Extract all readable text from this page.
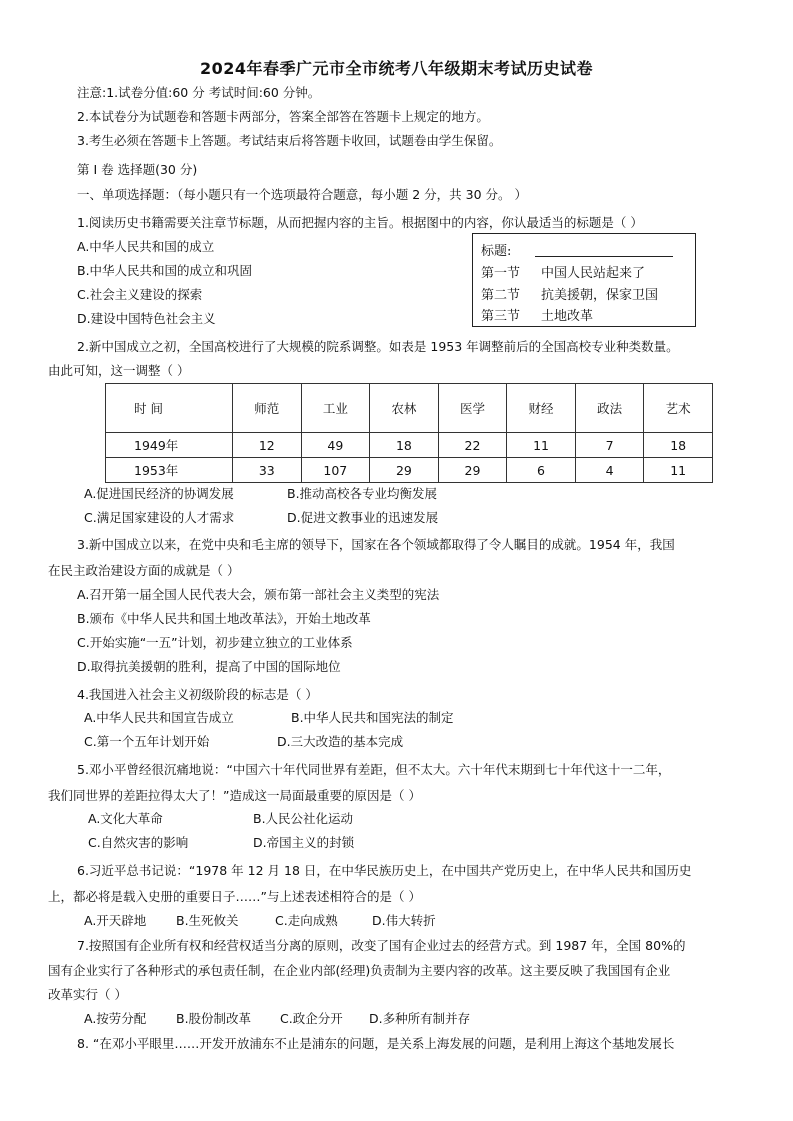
2024年春季广元市全市统考八年级期末考试历史试卷
注意:1.试卷分值:60 分 考试时间:60 分钟。
2.本试卷分为试题卷和答题卡两部分，答案全部答在答题卡上规定的地方。
3.考生必须在答题卡上答题。考试结束后将答题卡收回，试题卷由学生保留。
第 I 卷 选择题(30 分)
一、单项选择题：（每小题只有一个选项最符合题意，每小题 2 分，共 30 分。 ）
1.阅读历史书籍需要关注章节标题，从而把握内容的主旨。根据图中的内容，你认最适当的标题是（ ）
A.中华人民共和国的成立
B.中华人民共和国的成立和巩固
C.社会主义建设的探索
D.建设中国特色社会主义
标题:
第一节 中国人民站起来了
第二节 抗美援朝，保家卫国
第三节 土地改革
2.新中国成立之初，全国高校进行了大规模的院系调整。如表是 1953 年调整前后的全国高校专业种类数量。
由此可知，这一调整（ ）
时 间	师范	工业	农林	医学	财经	政法	艺术
1949年	12	49	18	22	11	7	18
1953年	33	107	29	29	6	4	11
A.促进国民经济的协调发展	B.推动高校各专业均衡发展
C.满足国家建设的人才需求	D.促进文教事业的迅速发展
3.新中国成立以来，在党中央和毛主席的领导下，国家在各个领域都取得了令人瞩目的成就。1954 年，我国
在民主政治建设方面的成就是（ ）
A.召开第一届全国人民代表大会，颁布第一部社会主义类型的宪法
B.颁布《中华人民共和国土地改革法》，开始土地改革
C.开始实施“一五”计划，初步建立独立的工业体系
D.取得抗美援朝的胜利，提高了中国的国际地位
4.我国进入社会主义初级阶段的标志是（ ）
A.中华人民共和国宣告成立	B.中华人民共和国宪法的制定
C.第一个五年计划开始	D.三大改造的基本完成
5.邓小平曾经很沉痛地说：“中国六十年代同世界有差距，但不太大。六十年代末期到七十年代这十一二年，
我们同世界的差距拉得太大了！”造成这一局面最重要的原因是（ ）
A.文化大革命	B.人民公社化运动
C.自然灾害的影响	D.帝国主义的封锁
6.习近平总书记说：“1978 年 12 月 18 日，在中华民族历史上，在中国共产党历史上，在中华人民共和国历史
上，都必将是载入史册的重要日子……”与上述表述相符合的是（ ）
A.开天辟地 B.生死攸关	C.走向成熟	D.伟大转折
7.按照国有企业所有权和经营权适当分离的原则，改变了国有企业过去的经营方式。到 1987 年，全国 80%的
国有企业实行了各种形式的承包责任制，在企业内部(经理)负责制为主要内容的改革。这主要反映了我国国有企业
改革实行（ ）
A.按劳分配 B.股份制改革 C.政企分开 D.多种所有制并存
8. “在邓小平眼里……开发开放浦东不止是浦东的问题，是关系上海发展的问题，是利用上海这个基地发展长
